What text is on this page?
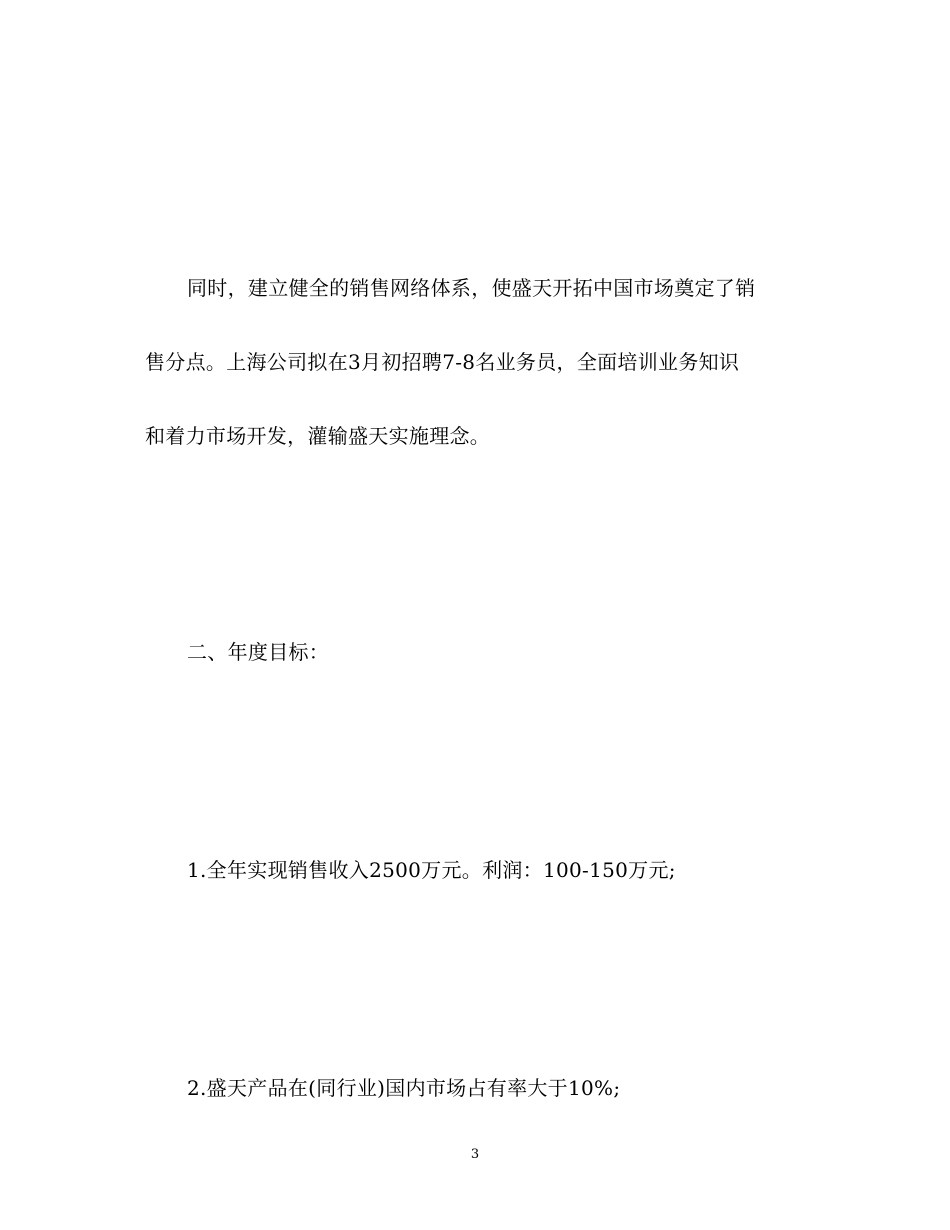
同时，建立健全的销售网络体系，使盛天开拓中国市场奠定了销
售分点。上海公司拟在3月初招聘7-8名业务员，全面培训业务知识
和着力市场开发，灌输盛天实施理念。
二、年度目标：
1.全年实现销售收入2500万元。利润：100-150万元;
2.盛天产品在(同行业)国内市场占有率大于10%;
3
